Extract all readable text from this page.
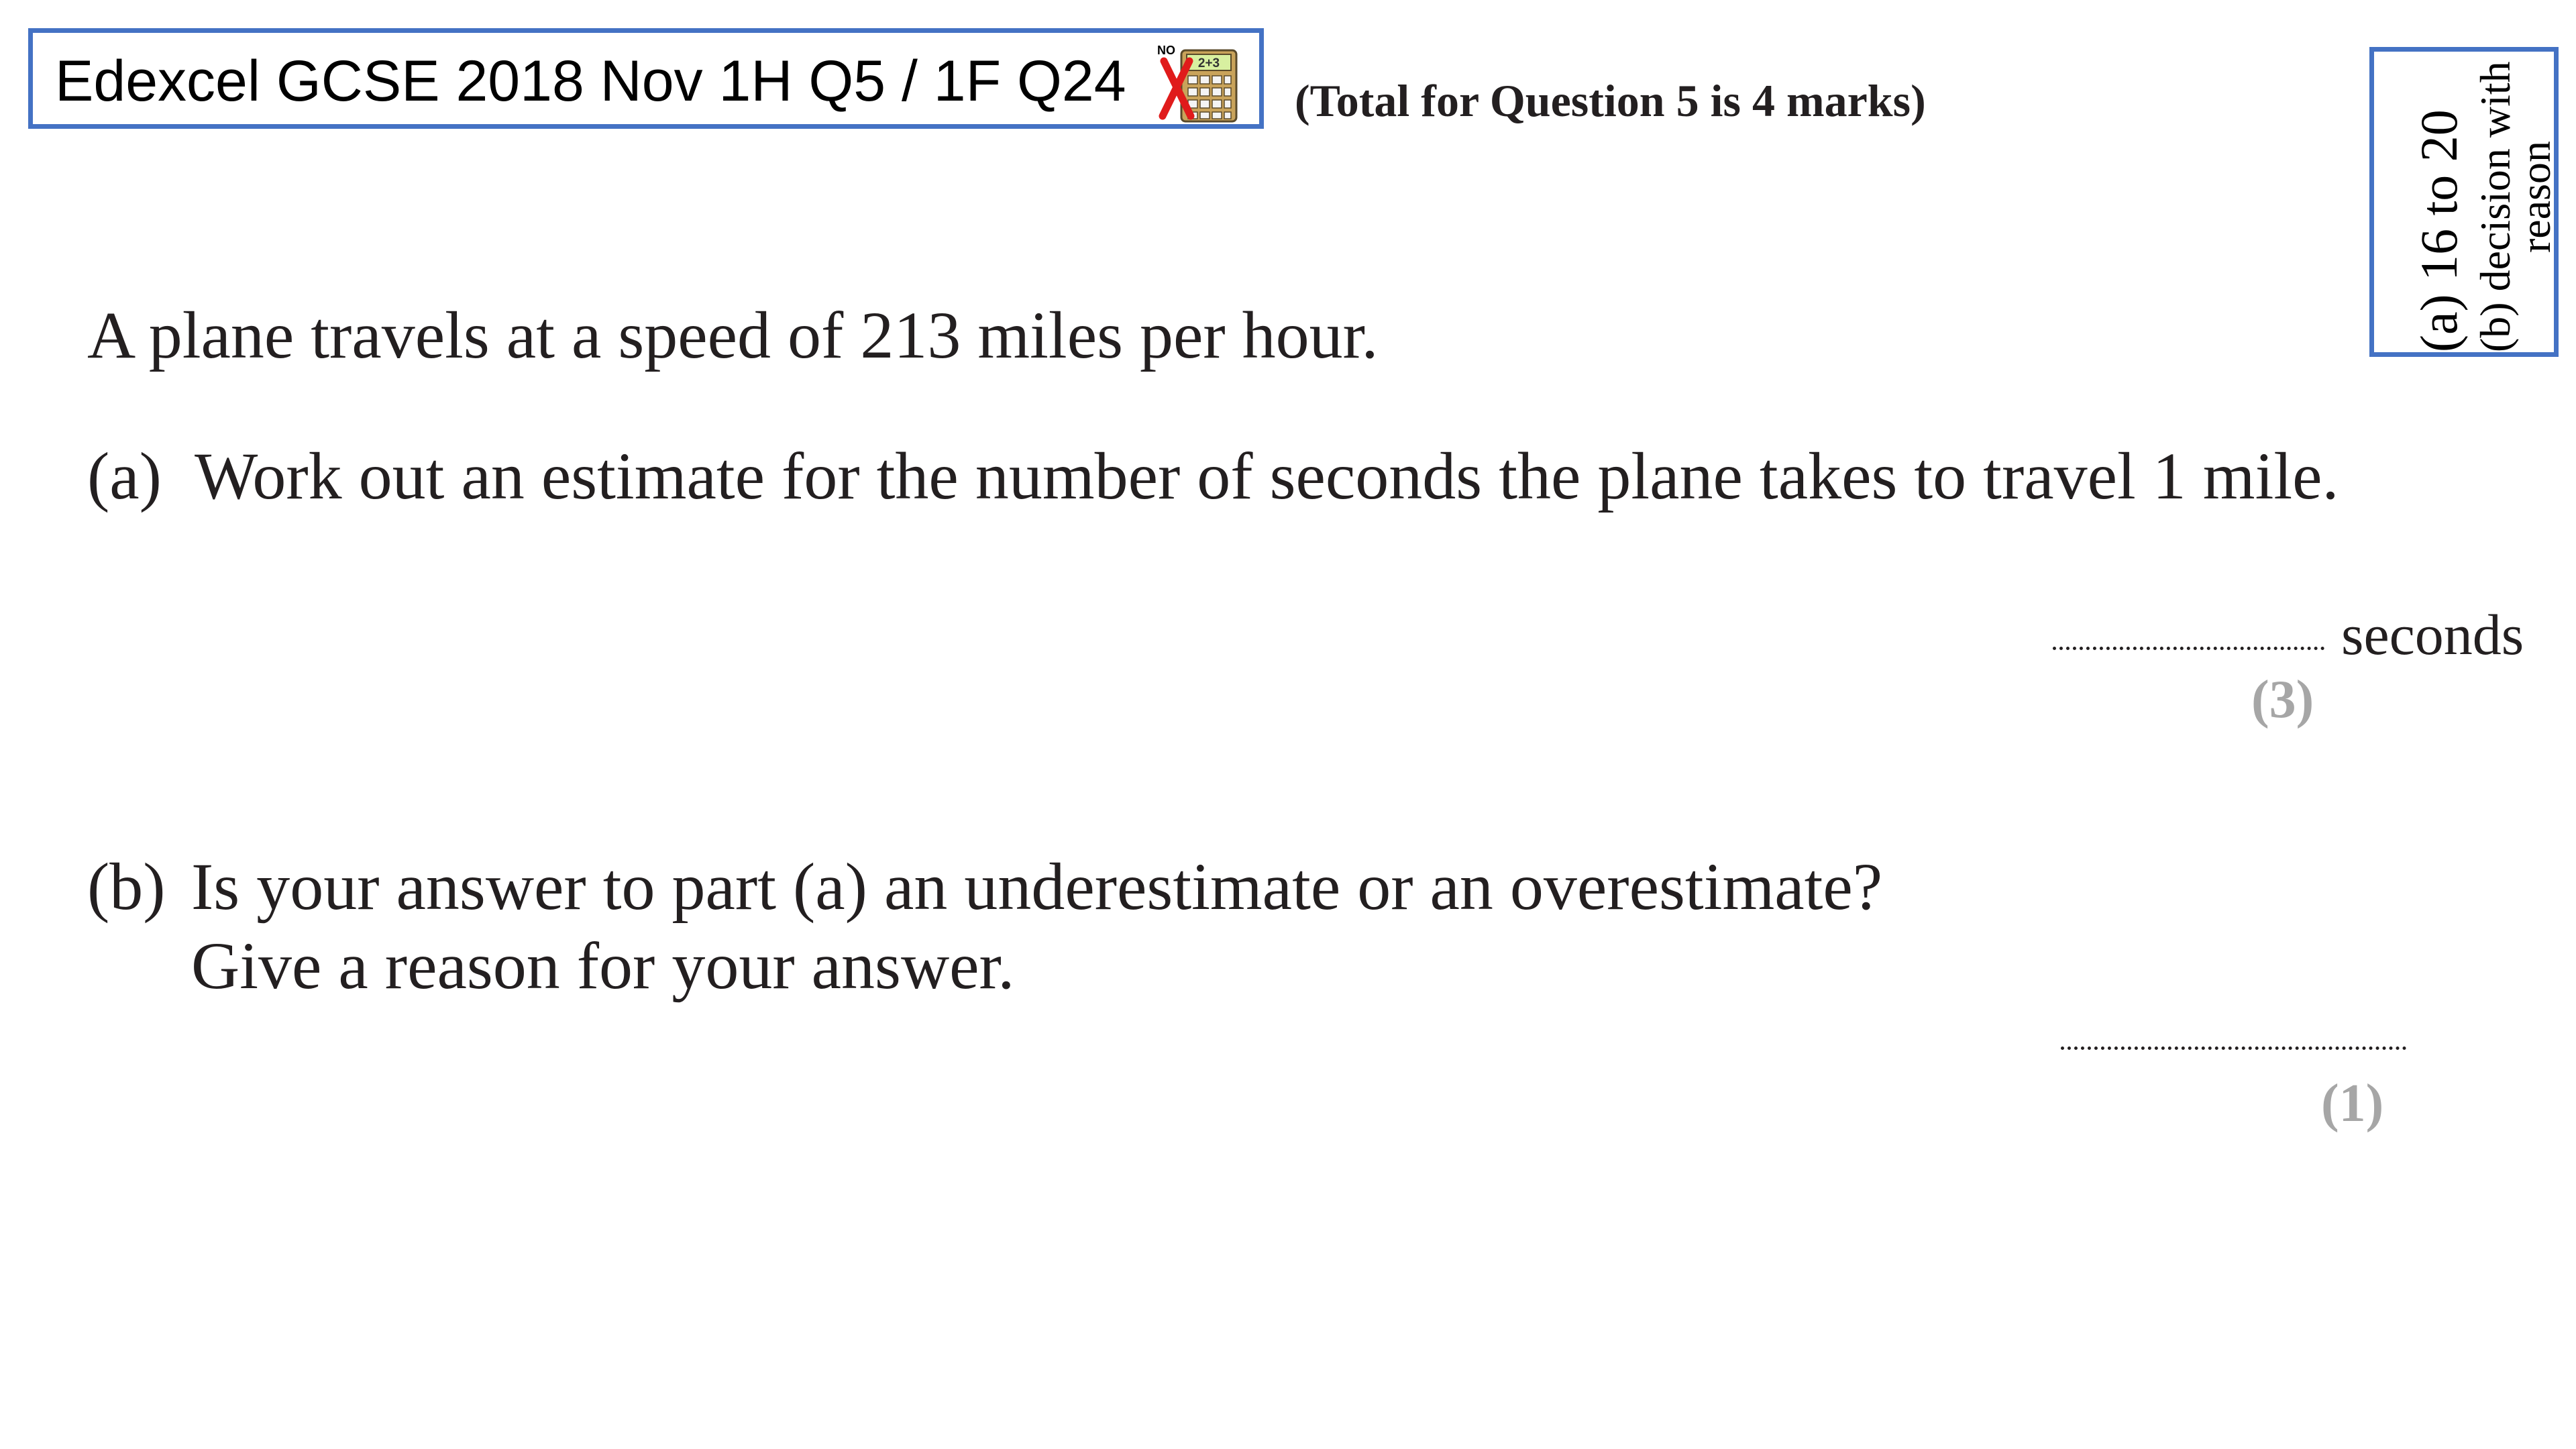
Edexcel GCSE 2018 Nov 1H Q5 / 1F Q24	2+3
NO
(Total for Question 5 is 4 marks)
(a) 16 to 20 (b) decision with
reason
A plane travels at a speed of 213 miles per hour.
(a) Work out an estimate for the number of seconds the plane takes to travel 1 mile.
seconds
(3)
(b) Is your answer to part (a) an underestimate or an overestimate?
Give a reason for your answer.
(1)
